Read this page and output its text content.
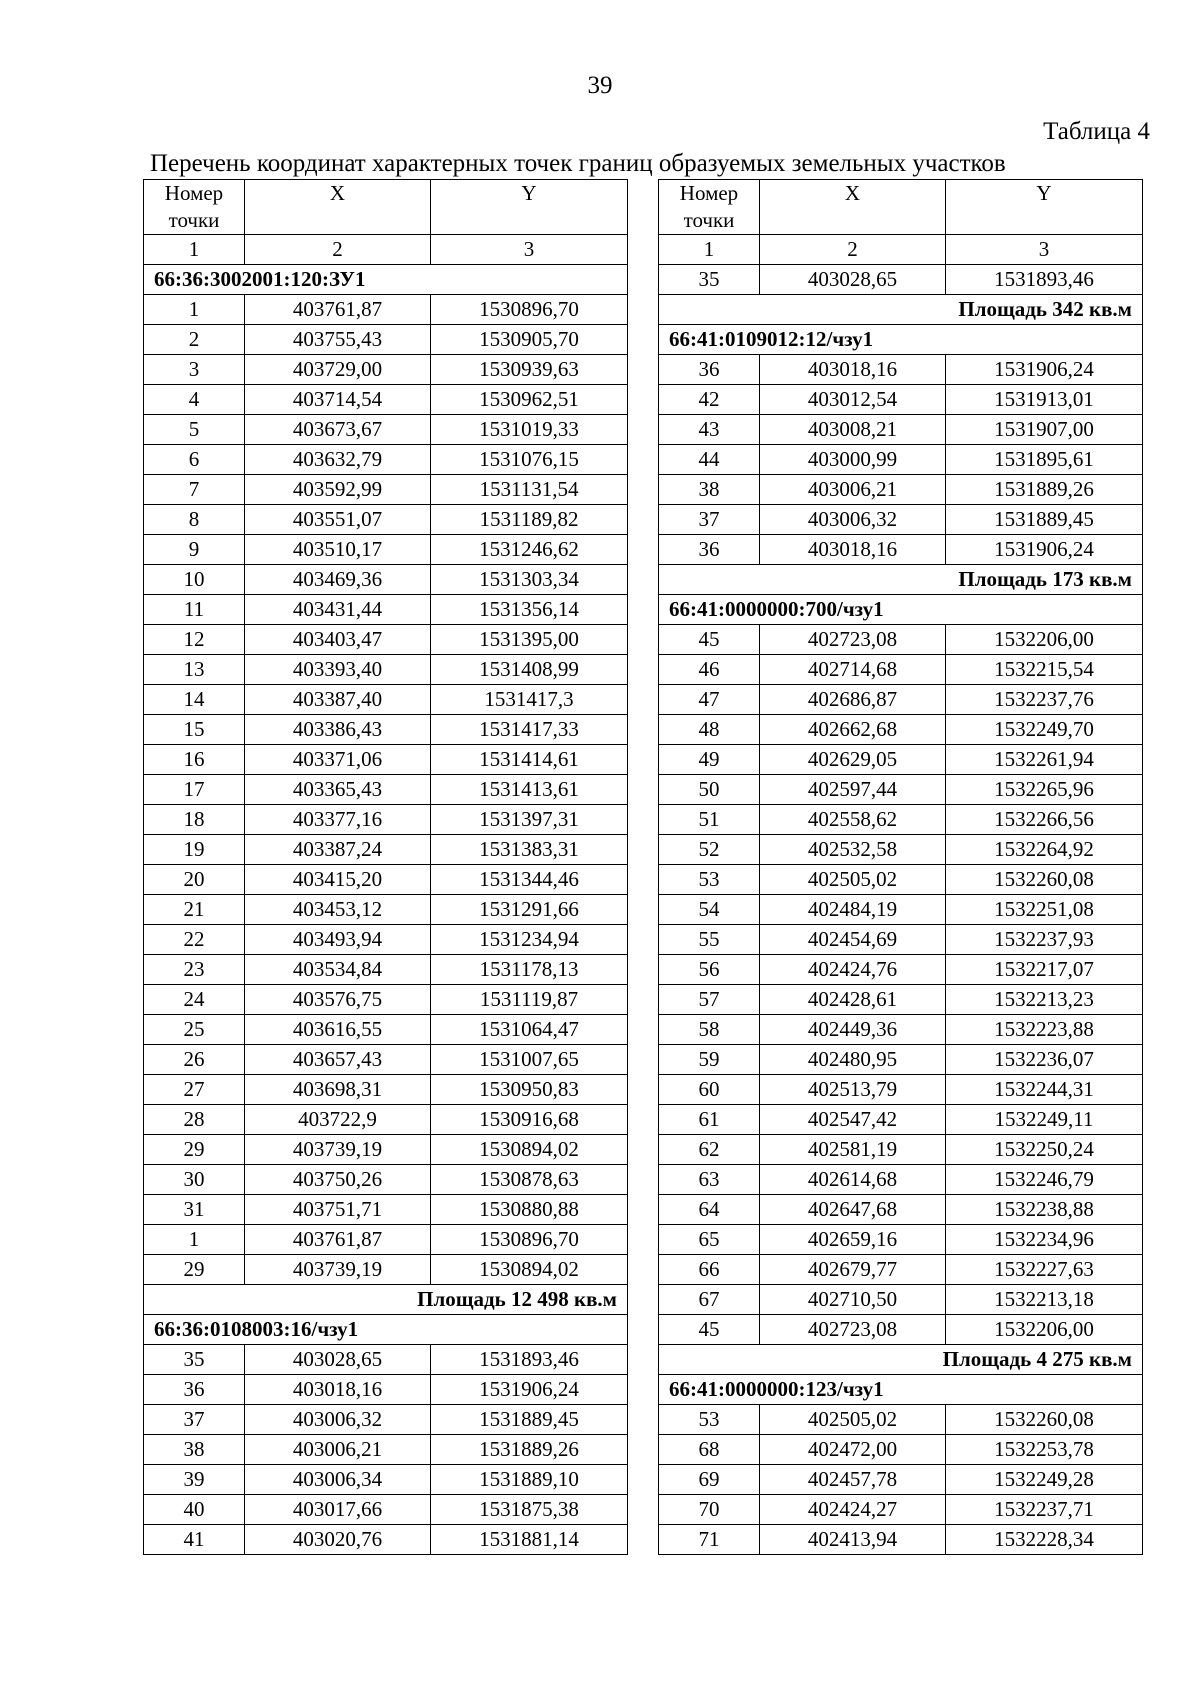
39
Таблица 4
Перечень координат характерных точек границ образуемых земельных участков
Номер точки	X	Y
1	2	3
66:36:3002001:120:ЗУ1		
1	403761,87	1530896,70
2	403755,43	1530905,70
3	403729,00	1530939,63
4	403714,54	1530962,51
5	403673,67	1531019,33
6	403632,79	1531076,15
7	403592,99	1531131,54
8	403551,07	1531189,82
9	403510,17	1531246,62
10	403469,36	1531303,34
11	403431,44	1531356,14
12	403403,47	1531395,00
13	403393,40	1531408,99
14	403387,40	1531417,3
15	403386,43	1531417,33
16	403371,06	1531414,61
17	403365,43	1531413,61
18	403377,16	1531397,31
19	403387,24	1531383,31
20	403415,20	1531344,46
21	403453,12	1531291,66
22	403493,94	1531234,94
23	403534,84	1531178,13
24	403576,75	1531119,87
25	403616,55	1531064,47
26	403657,43	1531007,65
27	403698,31	1530950,83
28	403722,9	1530916,68
29	403739,19	1530894,02
30	403750,26	1530878,63
31	403751,71	1530880,88
1	403761,87	1530896,70
29	403739,19	1530894,02
Площадь 12 498 кв.м		
66:36:0108003:16/чзу1		
35	403028,65	1531893,46
36	403018,16	1531906,24
37	403006,32	1531889,45
38	403006,21	1531889,26
39	403006,34	1531889,10
40	403017,66	1531875,38
41	403020,76	1531881,14
Номер точки	X	Y
1	2	3
35	403028,65	1531893,46
Площадь 342 кв.м		
66:41:0109012:12/чзу1		
36	403018,16	1531906,24
42	403012,54	1531913,01
43	403008,21	1531907,00
44	403000,99	1531895,61
38	403006,21	1531889,26
37	403006,32	1531889,45
36	403018,16	1531906,24
Площадь 173 кв.м		
66:41:0000000:700/чзу1		
45	402723,08	1532206,00
46	402714,68	1532215,54
47	402686,87	1532237,76
48	402662,68	1532249,70
49	402629,05	1532261,94
50	402597,44	1532265,96
51	402558,62	1532266,56
52	402532,58	1532264,92
53	402505,02	1532260,08
54	402484,19	1532251,08
55	402454,69	1532237,93
56	402424,76	1532217,07
57	402428,61	1532213,23
58	402449,36	1532223,88
59	402480,95	1532236,07
60	402513,79	1532244,31
61	402547,42	1532249,11
62	402581,19	1532250,24
63	402614,68	1532246,79
64	402647,68	1532238,88
65	402659,16	1532234,96
66	402679,77	1532227,63
67	402710,50	1532213,18
45	402723,08	1532206,00
Площадь 4 275 кв.м		
66:41:0000000:123/чзу1		
53	402505,02	1532260,08
68	402472,00	1532253,78
69	402457,78	1532249,28
70	402424,27	1532237,71
71	402413,94	1532228,34
